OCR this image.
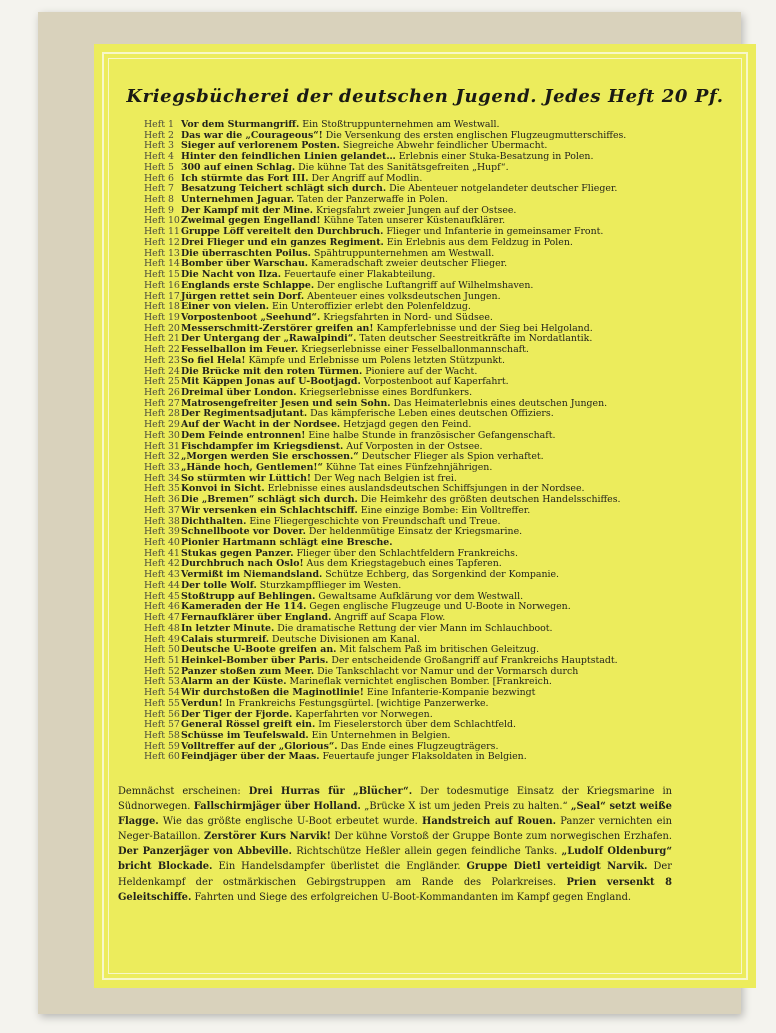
Kriegsbücherei der deutschen Jugend. Jedes Heft 20 Pf.
Heft 1 Vor dem Sturmangriff. Ein Stoßtruppunternehmen am Westwall.
Heft 2 Das war die „Courageous“! Die Versenkung des ersten englischen Flugzeugmutterschiffes.
Heft 3 Sieger auf verlorenem Posten. Siegreiche Abwehr feindlicher Übermacht.
Heft 4 Hinter den feindlichen Linien gelandet… Erlebnis einer Stuka-Besatzung in Polen.
Heft 5 300 auf einen Schlag. Die kühne Tat des Sanitätsgefreiten „Hupf“.
Heft 6 Ich stürmte das Fort III. Der Angriff auf Modlin.
Heft 7 Besatzung Teichert schlägt sich durch. Die Abenteuer notgelandeter deutscher Flieger.
Heft 8 Unternehmen Jaguar. Taten der Panzerwaffe in Polen.
Heft 9 Der Kampf mit der Mine. Kriegsfahrt zweier Jungen auf der Ostsee.
Heft 10Zweimal gegen Engelland! Kühne Taten unserer Küstenaufklärer.
Heft 11Gruppe Löff vereitelt den Durchbruch. Flieger und Infanterie in gemeinsamer Front.
Heft 12Drei Flieger und ein ganzes Regiment. Ein Erlebnis aus dem Feldzug in Polen.
Heft 13Die überraschten Poilus. Spähtruppunternehmen am Westwall.
Heft 14Bomber über Warschau. Kameradschaft zweier deutscher Flieger.
Heft 15Die Nacht von Ilza. Feuertaufe einer Flakabteilung.
Heft 16Englands erste Schlappe. Der englische Luftangriff auf Wilhelmshaven.
Heft 17Jürgen rettet sein Dorf. Abenteuer eines volksdeutschen Jungen.
Heft 18Einer von vielen. Ein Unteroffizier erlebt den Polenfeldzug.
Heft 19Vorpostenboot „Seehund“. Kriegsfahrten in Nord- und Südsee.
Heft 20Messerschmitt-Zerstörer greifen an! Kampferlebnisse und der Sieg bei Helgoland.
Heft 21Der Untergang der „Rawalpindi“. Taten deutscher Seestreitkräfte im Nordatlantik.
Heft 22Fesselballon im Feuer. Kriegserlebnisse einer Fesselballonmannschaft.
Heft 23So fiel Hela! Kämpfe und Erlebnisse um Polens letzten Stützpunkt.
Heft 24Die Brücke mit den roten Türmen. Pioniere auf der Wacht.
Heft 25Mit Käppen Jonas auf U-Bootjagd. Vorpostenboot auf Kaperfahrt.
Heft 26Dreimal über London. Kriegserlebnisse eines Bordfunkers.
Heft 27Matrosengefreiter Jesen und sein Sohn. Das Heimaterlebnis eines deutschen Jungen.
Heft 28Der Regimentsadjutant. Das kämpferische Leben eines deutschen Offiziers.
Heft 29Auf der Wacht in der Nordsee. Hetzjagd gegen den Feind.
Heft 30Dem Feinde entronnen! Eine halbe Stunde in französischer Gefangenschaft.
Heft 31Fischdampfer im Kriegsdienst. Auf Vorposten in der Ostsee.
Heft 32„Morgen werden Sie erschossen.“ Deutscher Flieger als Spion verhaftet.
Heft 33„Hände hoch, Gentlemen!“ Kühne Tat eines Fünfzehnjährigen.
Heft 34So stürmten wir Lüttich! Der Weg nach Belgien ist frei.
Heft 35Konvoi in Sicht. Erlebnisse eines auslandsdeutschen Schiffsjungen in der Nordsee.
Heft 36Die „Bremen“ schlägt sich durch. Die Heimkehr des größten deutschen Handelsschiffes.
Heft 37Wir versenken ein Schlachtschiff. Eine einzige Bombe: Ein Volltreffer.
Heft 38Dichthalten. Eine Fliegergeschichte von Freundschaft und Treue.
Heft 39Schnellboote vor Dover. Der heldenmütige Einsatz der Kriegsmarine.
Heft 40Pionier Hartmann schlägt eine Bresche.
Heft 41Stukas gegen Panzer. Flieger über den Schlachtfeldern Frankreichs.
Heft 42Durchbruch nach Oslo! Aus dem Kriegstagebuch eines Tapferen.
Heft 43Vermißt im Niemandsland. Schütze Echberg, das Sorgenkind der Kompanie.
Heft 44Der tolle Wolf. Sturzkampfflieger im Westen.
Heft 45Stoßtrupp auf Behlingen. Gewaltsame Aufklärung vor dem Westwall.
Heft 46Kameraden der He 114. Gegen englische Flugzeuge und U-Boote in Norwegen.
Heft 47Fernaufklärer über England. Angriff auf Scapa Flow.
Heft 48In letzter Minute. Die dramatische Rettung der vier Mann im Schlauchboot.
Heft 49Calais sturmreif. Deutsche Divisionen am Kanal.
Heft 50Deutsche U-Boote greifen an. Mit falschem Paß im britischen Geleitzug.
Heft 51Heinkel-Bomber über Paris. Der entscheidende Großangriff auf Frankreichs Hauptstadt.
Heft 52Panzer stoßen zum Meer. Die Tankschlacht vor Namur und der Vormarsch durch
Heft 53Alarm an der Küste. Marineflak vernichtet englischen Bomber. [Frankreich.
Heft 54Wir durchstoßen die Maginotlinie! Eine Infanterie-Kompanie bezwingt
Heft 55Verdun! In Frankreichs Festungsgürtel. [wichtige Panzerwerke.
Heft 56Der Tiger der Fjorde. Kaperfahrten vor Norwegen.
Heft 57General Rössel greift ein. Im Fieselerstorch über dem Schlachtfeld.
Heft 58Schüsse im Teufelswald. Ein Unternehmen in Belgien.
Heft 59Volltreffer auf der „Glorious“. Das Ende eines Flugzeugträgers.
Heft 60Feindjäger über der Maas. Feuertaufe junger Flaksoldaten in Belgien.
Demnächst erscheinen: Drei Hurras für „Blücher“. Der todesmutige Einsatz der Kriegsmarine in Südnorwegen. Fallschirmjäger über Holland. „Brücke X ist um jeden Preis zu halten.“ „Seal“ setzt weiße Flagge. Wie das größte englische U-Boot erbeutet wurde. Handstreich auf Rouen. Panzer vernichten ein Neger-Bataillon. Zerstörer Kurs Narvik! Der kühne Vorstoß der Gruppe Bonte zum norwegischen Erzhafen. Der Panzerjäger von Abbeville. Richtschütze Heßler allein gegen feindliche Tanks. „Ludolf Oldenburg“ bricht Blockade. Ein Handelsdampfer überlistet die Engländer. Gruppe Dietl verteidigt Narvik. Der Heldenkampf der ostmärkischen Gebirgstruppen am Rande des Polarkreises. Prien versenkt 8 Geleitschiffe. Fahrten und Siege des erfolgreichen U-Boot-Kommandanten im Kampf gegen England.
